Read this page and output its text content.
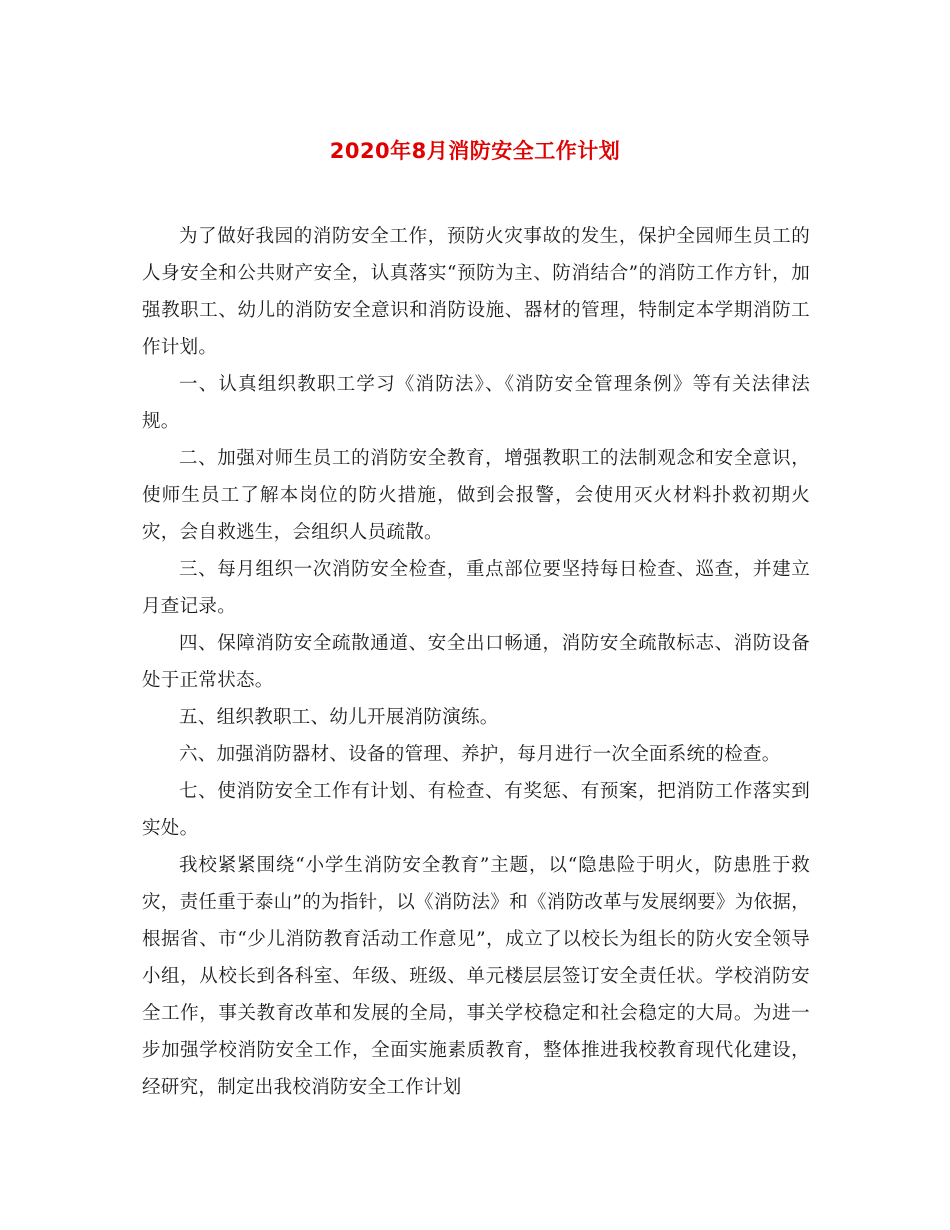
2020年8月消防安全工作计划

为了做好我园的消防安全工作，预防火灾事故的发生，保护全园师生员工的人身安全和公共财产安全，认真落实“预防为主、防消结合”的消防工作方针，加强教职工、幼儿的消防安全意识和消防设施、器材的管理，特制定本学期消防工作计划。

一、认真组织教职工学习《消防法》、《消防安全管理条例》等有关法律法规。

二、加强对师生员工的消防安全教育，增强教职工的法制观念和安全意识，使师生员工了解本岗位的防火措施，做到会报警，会使用灭火材料扑救初期火灾，会自救逃生，会组织人员疏散。

三、每月组织一次消防安全检查，重点部位要坚持每日检查、巡查，并建立月查记录。

四、保障消防安全疏散通道、安全出口畅通，消防安全疏散标志、消防设备处于正常状态。

五、组织教职工、幼儿开展消防演练。

六、加强消防器材、设备的管理、养护，每月进行一次全面系统的检查。

七、使消防安全工作有计划、有检查、有奖惩、有预案，把消防工作落实到实处。

我校紧紧围绕“小学生消防安全教育”主题，以“隐患险于明火，防患胜于救灾，责任重于泰山”的为指针，以《消防法》和《消防改革与发展纲要》为依据，根据省、市“少儿消防教育活动工作意见”，成立了以校长为组长的防火安全领导小组，从校长到各科室、年级、班级、单元楼层层签订安全责任状。学校消防安全工作，事关教育改革和发展的全局，事关学校稳定和社会稳定的大局。为进一步加强学校消防安全工作，全面实施素质教育，整体推进我校教育现代化建设，经研究，制定出我校消防安全工作计划
